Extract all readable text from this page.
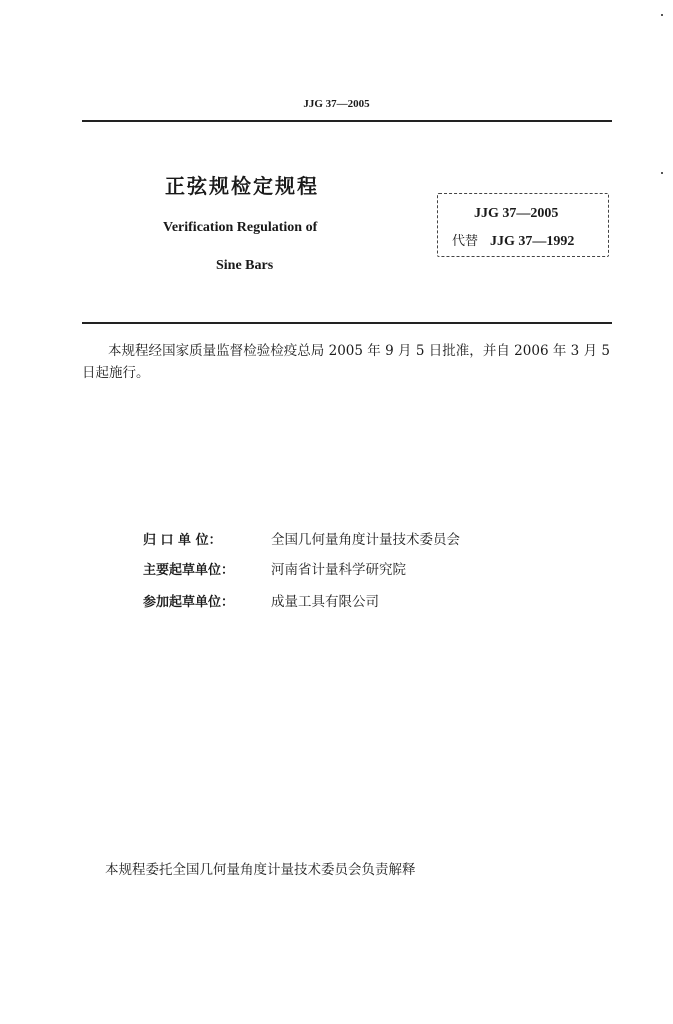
JJG 37—2005
正弦规检定规程
Verification Regulation of
Sine Bars
JJG 37—2005
代替 JJG 37—1992
本规程经国家质量监督检验检疫总局 2005 年 9 月 5 日批准，并自 2006 年 3 月 5 日起施行。
归 口 单 位：	全国几何量角度计量技术委员会
主要起草单位：	河南省计量科学研究院
参加起草单位：	成量工具有限公司
本规程委托全国几何量角度计量技术委员会负责解释
